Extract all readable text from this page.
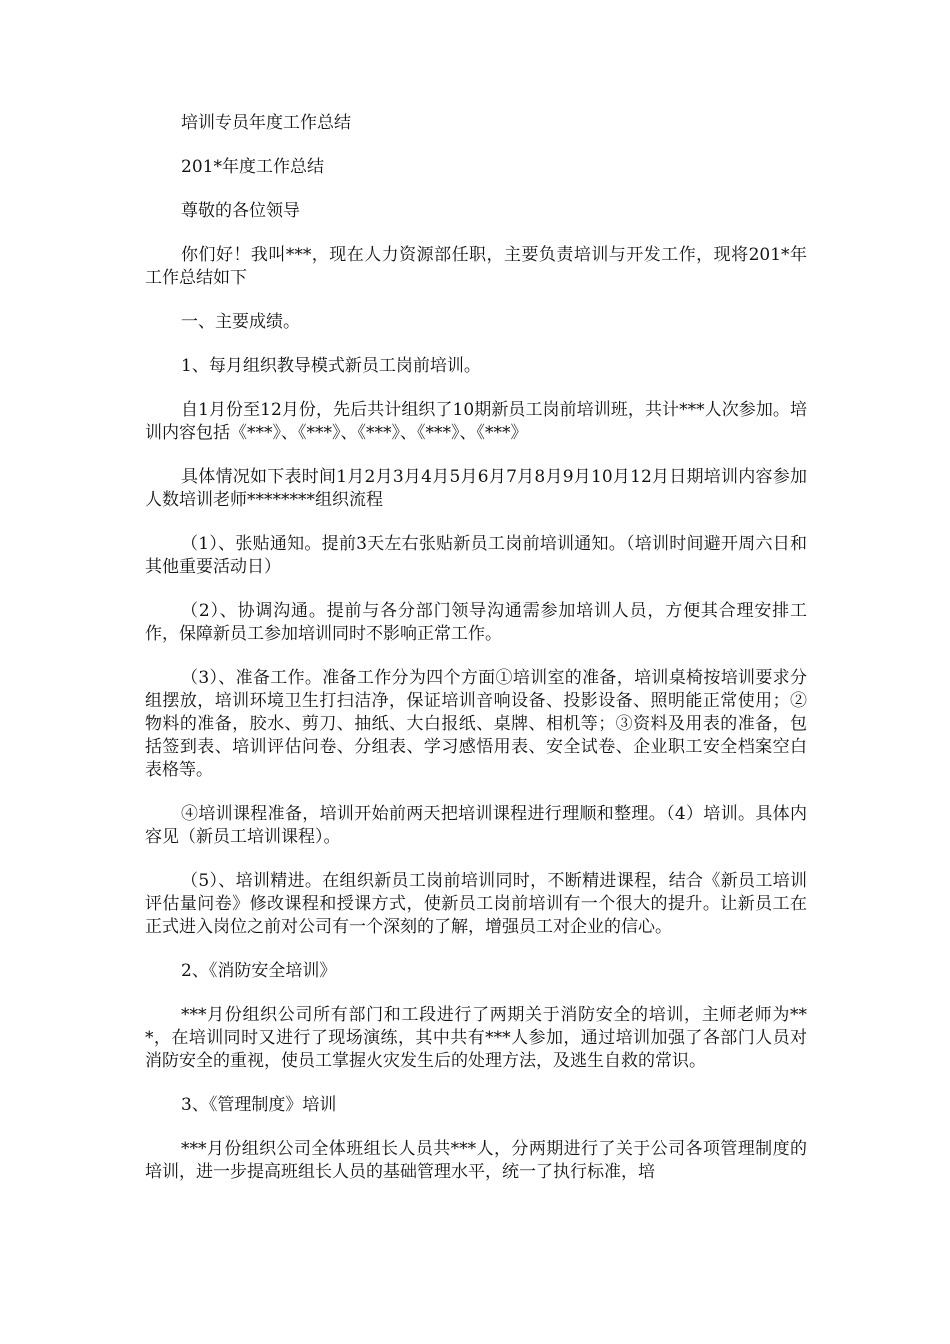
培训专员年度工作总结

201*年度工作总结

尊敬的各位领导

你们好！我叫***，现在人力资源部任职，主要负责培训与开发工作，现将201*年工作总结如下

一、主要成绩。

1、每月组织教导模式新员工岗前培训。

自1月份至12月份，先后共计组织了10期新员工岗前培训班，共计***人次参加。培训内容包括《***》、《***》、《***》、《***》、《***》

具体情况如下表时间1月2月3月4月5月6月7月8月9月10月12月日期培训内容参加人数培训老师********组织流程

（1）、张贴通知。提前3天左右张贴新员工岗前培训通知。（培训时间避开周六日和其他重要活动日）

（2）、协调沟通。提前与各分部门领导沟通需参加培训人员，方便其合理安排工作，保障新员工参加培训同时不影响正常工作。

（3）、准备工作。准备工作分为四个方面①培训室的准备，培训桌椅按培训要求分组摆放，培训环境卫生打扫洁净，保证培训音响设备、投影设备、照明能正常使用；②物料的准备，胶水、剪刀、抽纸、大白报纸、桌牌、相机等；③资料及用表的准备，包括签到表、培训评估问卷、分组表、学习感悟用表、安全试卷、企业职工安全档案空白表格等。

④培训课程准备，培训开始前两天把培训课程进行理顺和整理。（4）培训。具体内容见（新员工培训课程）。

（5）、培训精进。在组织新员工岗前培训同时，不断精进课程，结合《新员工培训评估量问卷》修改课程和授课方式，使新员工岗前培训有一个很大的提升。让新员工在正式进入岗位之前对公司有一个深刻的了解，增强员工对企业的信心。

2、《消防安全培训》

***月份组织公司所有部门和工段进行了两期关于消防安全的培训，主师老师为***，在培训同时又进行了现场演练，其中共有***人参加，通过培训加强了各部门人员对消防安全的重视，使员工掌握火灾发生后的处理方法，及逃生自救的常识。

3、《管理制度》培训

***月份组织公司全体班组长人员共***人，分两期进行了关于公司各项管理制度的培训，进一步提高班组长人员的基础管理水平，统一了执行标准，培
